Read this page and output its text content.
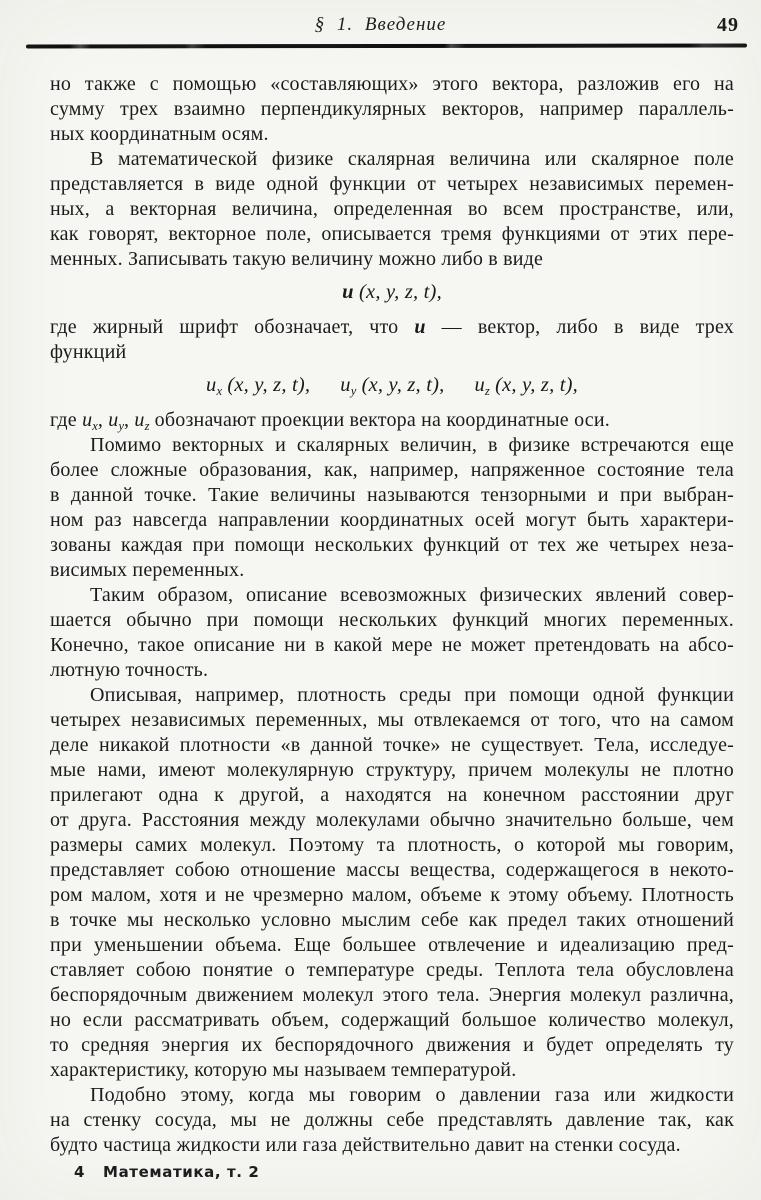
§ 1. Введение	49
но также с помощью «составляющих» этого вектора, разложив его на
сумму трех взаимно перпендикулярных векторов, например параллель-
ных координатным осям.
В математической физике скалярная величина или скалярное поле
представляется в виде одной функции от четырех независимых перемен-
ных, а векторная величина, определенная во всем пространстве, или,
как говорят, векторное поле, описывается тремя функциями от этих пере-
менных. Записывать такую величину можно либо в виде
u (x, y, z, t),
где жирный шрифт обозначает, что u — вектор, либо в виде трех
функций
$u_x$ (x, y, z, t), $u_y$ (x, y, z, t), $u_z$ (x, y, z, t),
где $u_x$, $u_y$, $u_z$ обозначают проекции вектора на координатные оси.
Помимо векторных и скалярных величин, в физике встречаются еще
более сложные образования, как, например, напряженное состояние тела
в данной точке. Такие величины называются тензорными и при выбран-
ном раз навсегда направлении координатных осей могут быть характери-
зованы каждая при помощи нескольких функций от тех же четырех неза-
висимых переменных.
Таким образом, описание всевозможных физических явлений совер-
шается обычно при помощи нескольких функций многих переменных.
Конечно, такое описание ни в какой мере не может претендовать на абсо-
лютную точность.
Описывая, например, плотность среды при помощи одной функции
четырех независимых переменных, мы отвлекаемся от того, что на самом
деле никакой плотности «в данной точке» не существует. Тела, исследуе-
мые нами, имеют молекулярную структуру, причем молекулы не плотно
прилегают одна к другой, а находятся на конечном расстоянии друг
от друга. Расстояния между молекулами обычно значительно больше, чем
размеры самих молекул. Поэтому та плотность, о которой мы говорим,
представляет собою отношение массы вещества, содержащегося в некото-
ром малом, хотя и не чрезмерно малом, объеме к этому объему. Плотность
в точке мы несколько условно мыслим себе как предел таких отношений
при уменьшении объема. Еще большее отвлечение и идеализацию пред-
ставляет собою понятие о температуре среды. Теплота тела обусловлена
беспорядочным движением молекул этого тела. Энергия молекул различна,
но если рассматривать объем, содержащий большое количество молекул,
то средняя энергия их беспорядочного движения и будет определять ту
характеристику, которую мы называем температурой.
Подобно этому, когда мы говорим о давлении газа или жидкости
на стенку сосуда, мы не должны себе представлять давление так, как
будто частица жидкости или газа действительно давит на стенки сосуда.
4 Математика, т. 2
